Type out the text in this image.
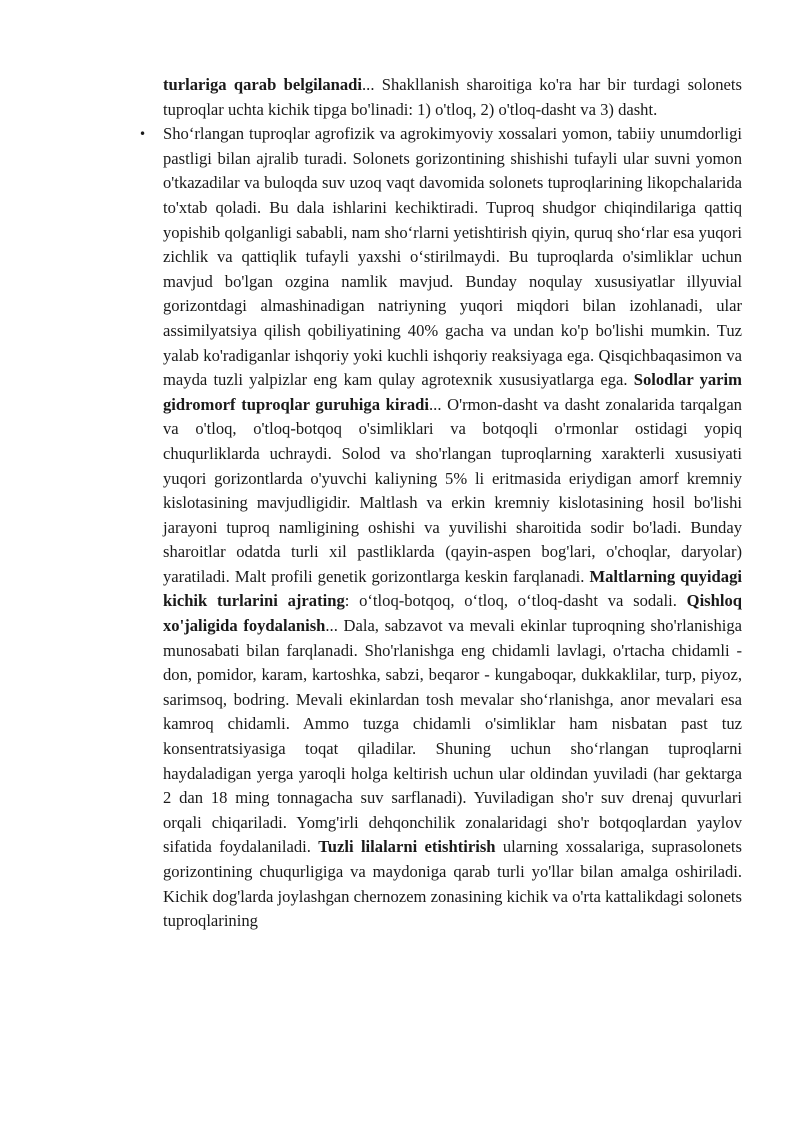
turlariga qarab belgilanadi... Shakllanish sharoitiga ko'ra har bir turdagi solonets tuproqlar uchta kichik tipga bo'linadi: 1) o'tloq, 2) o'tloq-dasht va 3) dasht.

• Sho‘rlangan tuproqlar agrofizik va agrokimyoviy xossalari yomon, tabiiy unumdorligi pastligi bilan ajralib turadi. Solonets gorizontining shishishi tufayli ular suvni yomon o'tkazadilar va buloqda suv uzoq vaqt davomida solonets tuproqlarining likopchalarida to'xtab qoladi. Bu dala ishlarini kechiktiradi. Tuproq shudgor chiqindilariga qattiq yopishib qolganligi sababli, nam sho‘rlarni yetishtirish qiyin, quruq sho‘rlar esa yuqori zichlik va qattiqlik tufayli yaxshi o‘stirilmaydi. Bu tuproqlarda o'simliklar uchun mavjud bo'lgan ozgina namlik mavjud. Bunday noqulay xususiyatlar illyuvial gorizontdagi almashinadigan natriyning yuqori miqdori bilan izohlanadi, ular assimilyatsiya qilish qobiliyatining 40% gacha va undan ko'p bo'lishi mumkin. Tuz yalab ko'radiganlar ishqoriy yoki kuchli ishqoriy reaksiyaga ega. Qisqichbaqasimon va mayda tuzli yalpizlar eng kam qulay agrotexnik xususiyatlarga ega. Solodlar yarim gidromorf tuproqlar guruhiga kiradi... O'rmon-dasht va dasht zonalarida tarqalgan va o'tloq, o'tloq-botqoq o'simliklari va botqoqli o'rmonlar ostidagi yopiq chuqurliklarda uchraydi. Solod va sho'rlangan tuproqlarning xarakterli xususiyati yuqori gorizontlarda o'yuvchi kaliyning 5% li eritmasida eriydigan amorf kremniy kislotasining mavjudligidir. Maltlash va erkin kremniy kislotasining hosil bo'lishi jarayoni tuproq namligining oshishi va yuvilishi sharoitida sodir bo'ladi. Bunday sharoitlar odatda turli xil pastliklarda (qayin-aspen bog'lari, o'choqlar, daryolar) yaratiladi. Malt profili genetik gorizontlarga keskin farqlanadi. Maltlarning quyidagi kichik turlarini ajrating: o‘tloq-botqoq, o‘tloq, o‘tloq-dasht va sodali. Qishloq xo'jaligida foydalanish... Dala, sabzavot va mevali ekinlar tuproqning sho'rlanishiga munosabati bilan farqlanadi. Sho'rlanishga eng chidamli lavlagi, o'rtacha chidamli - don, pomidor, karam, kartoshka, sabzi, beqaror - kungaboqar, dukkaklilar, turp, piyoz, sarimsoq, bodring. Mevali ekinlardan tosh mevalar sho‘rlanishga, anor mevalari esa kamroq chidamli. Ammo tuzga chidamli o'simliklar ham nisbatan past tuz konsentratsiyasiga toqat qiladilar. Shuning uchun sho‘rlangan tuproqlarni haydaladigan yerga yaroqli holga keltirish uchun ular oldindan yuviladi (har gektarga 2 dan 18 ming tonnagacha suv sarflanadi). Yuviladigan sho'r suv drenaj quvurlari orqali chiqariladi. Yomg'irli dehqonchilik zonalaridagi sho'r botqoqlardan yaylov sifatida foydalaniladi. Tuzli lilalarni etishtirish ularning xossalariga, suprasolonets gorizontining chuqurligiga va maydoniga qarab turli yo'llar bilan amalga oshiriladi. Kichik dog'larda joylashgan chernozem zonasining kichik va o'rta kattalikdagi solonets tuproqlarining
